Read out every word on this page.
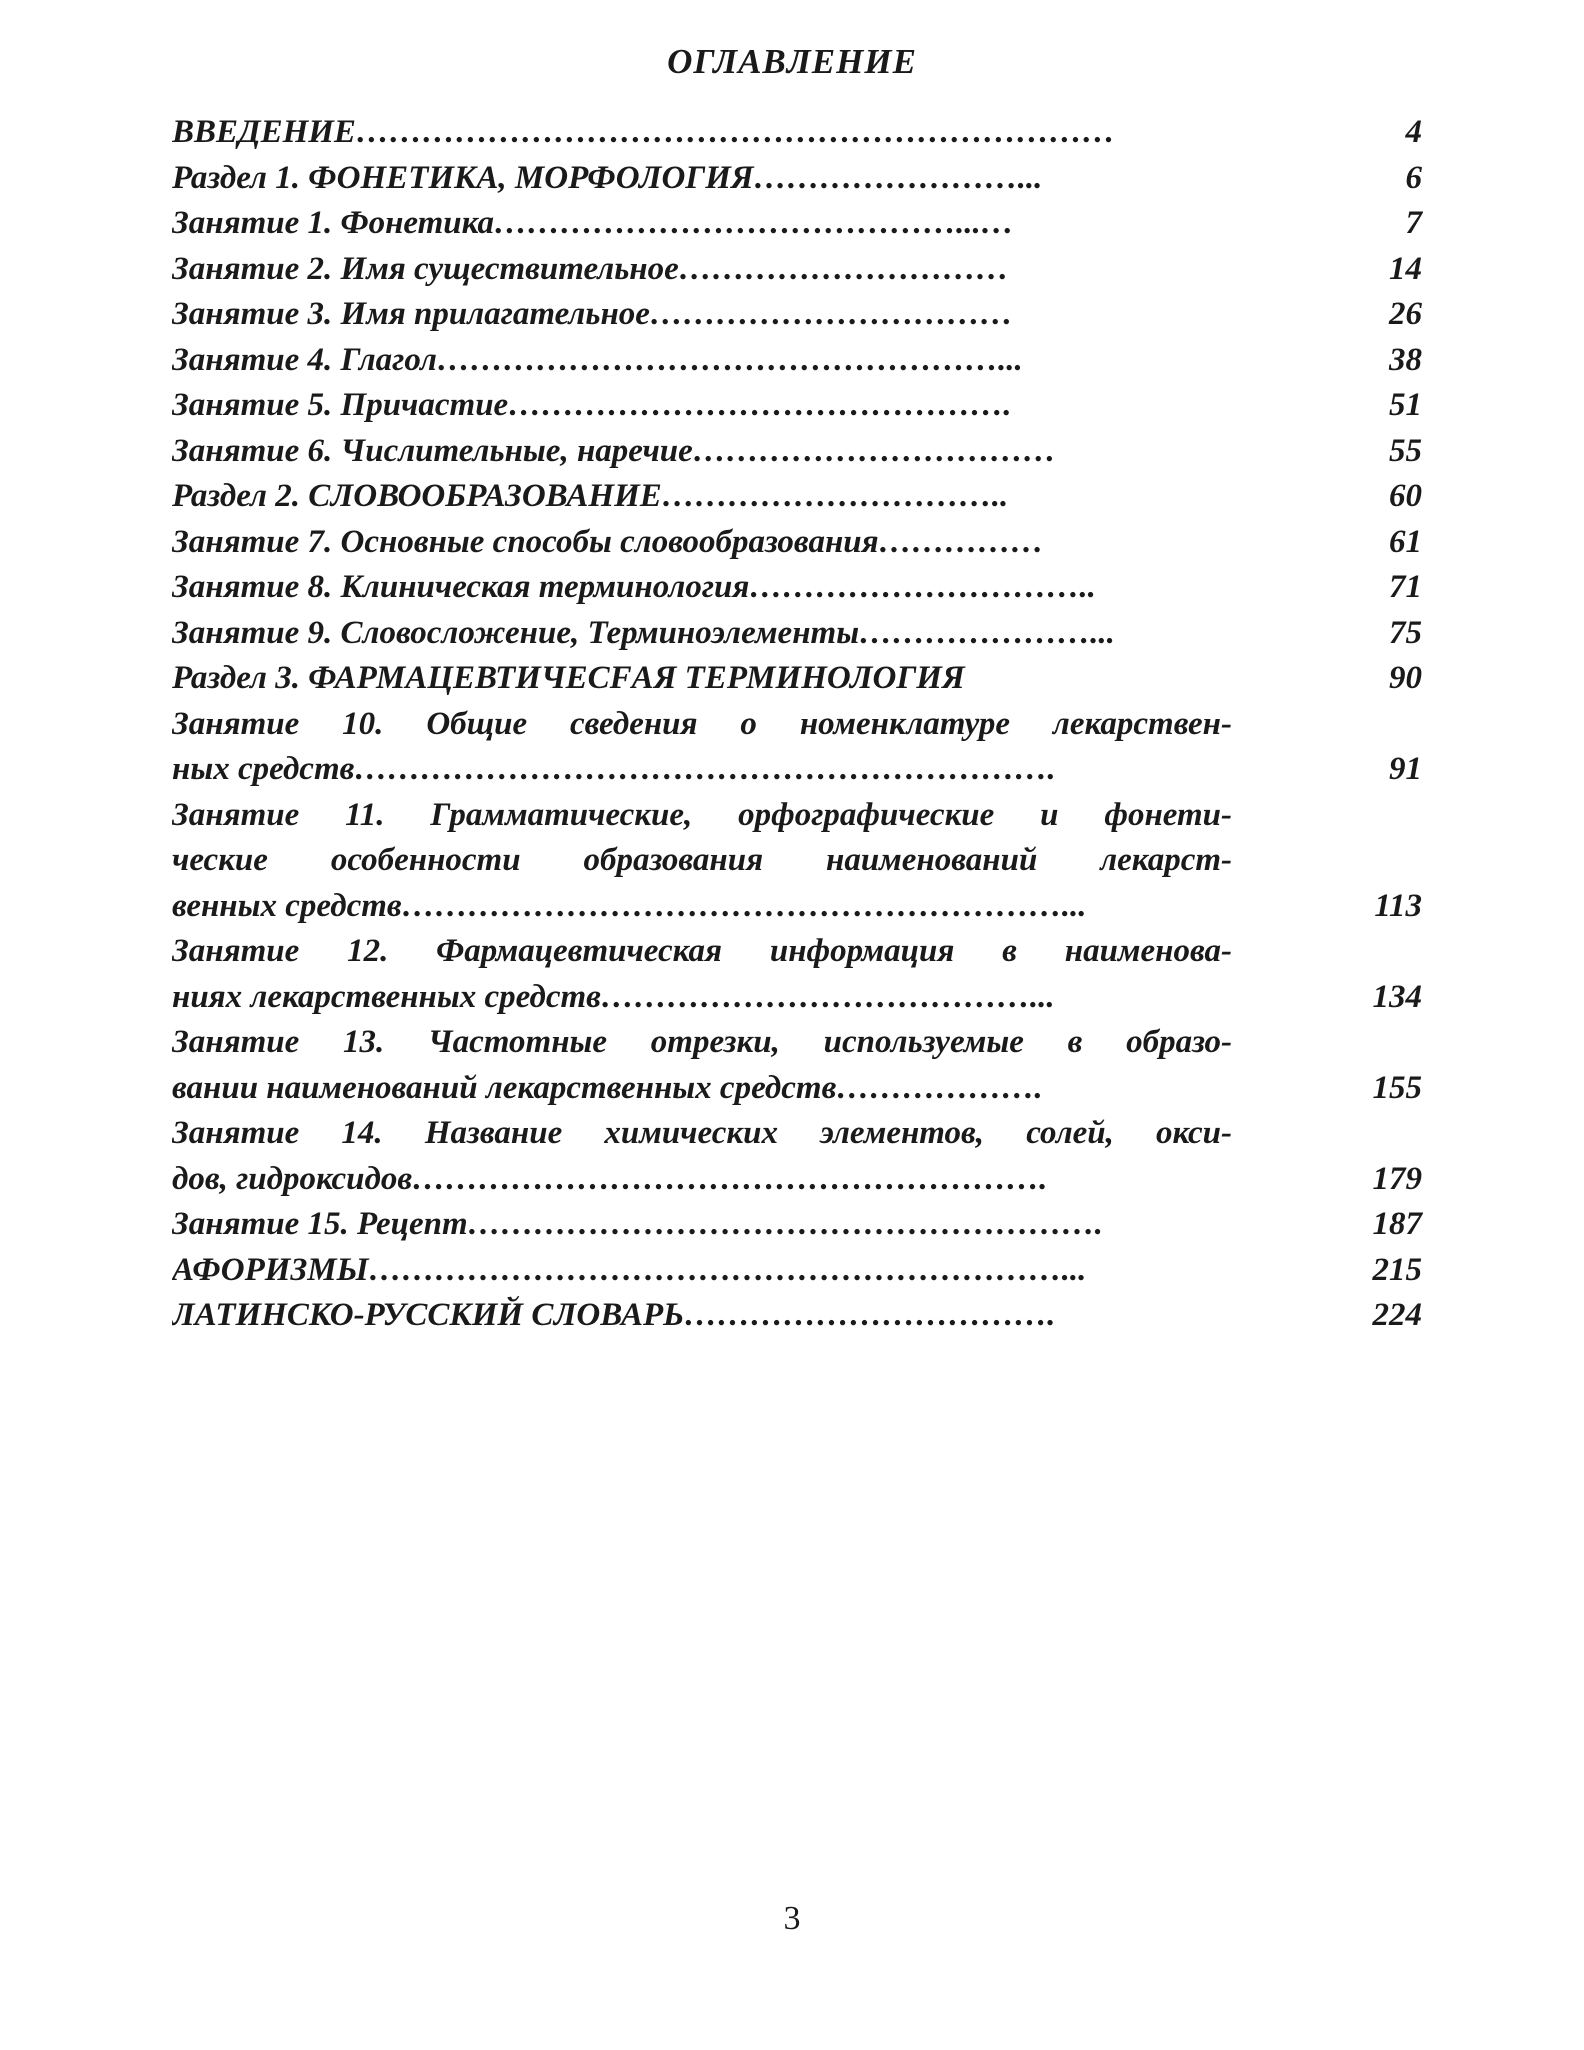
ОГЛАВЛЕНИЕ
ВВЕДЕНИЕ……………………………………………………………	4
Раздел 1. ФОНЕТИКА, МОРФОЛОГИЯ……………………...	6
Занятие 1. Фонетика……………………………………...…	7
Занятие 2. Имя существительное…………………………	14
Занятие 3. Имя прилагательное……………………………	26
Занятие 4. Глагол……………………………………………...	38
Занятие 5. Причастие……………………………………….	51
Занятие 6. Числительные, наречие……………………………	55
Раздел 2. СЛОВООБРАЗОВАНИЕ…………………………..	60
Занятие 7. Основные способы словообразования……………	61
Занятие 8. Клиническая терминология…………………………..	71
Занятие 9. Словосложение, Терминоэлементы…………………...	75
Раздел 3. ФАРМАЦЕВТИЧЕСFАЯ ТЕРМИНОЛОГИЯ	90
Занятие 10. Общие сведения о номенклатуре лекарствен-
ных средств……………………………………………………….	91
Занятие 11. Грамматические, орфографические и фонети-
ческие особенности образования наименований лекарст-
венных средств……………………………………………………...	113
Занятие 12. Фармацевтическая информация в наименова-
ниях лекарственных средств…………………………………...	134
Занятие 13. Частотные отрезки, используемые в образо-
вании наименований лекарственных средств……………….	155
Занятие 14. Название химических элементов, солей, окси-
дов, гидроксидов………………………………………………….	179
Занятие 15. Рецепт………………………………………………….	187
АФОРИЗМЫ………………………………………………………...	215
ЛАТИНСКО-РУССКИЙ СЛОВАРЬ…………………………….	224
3
